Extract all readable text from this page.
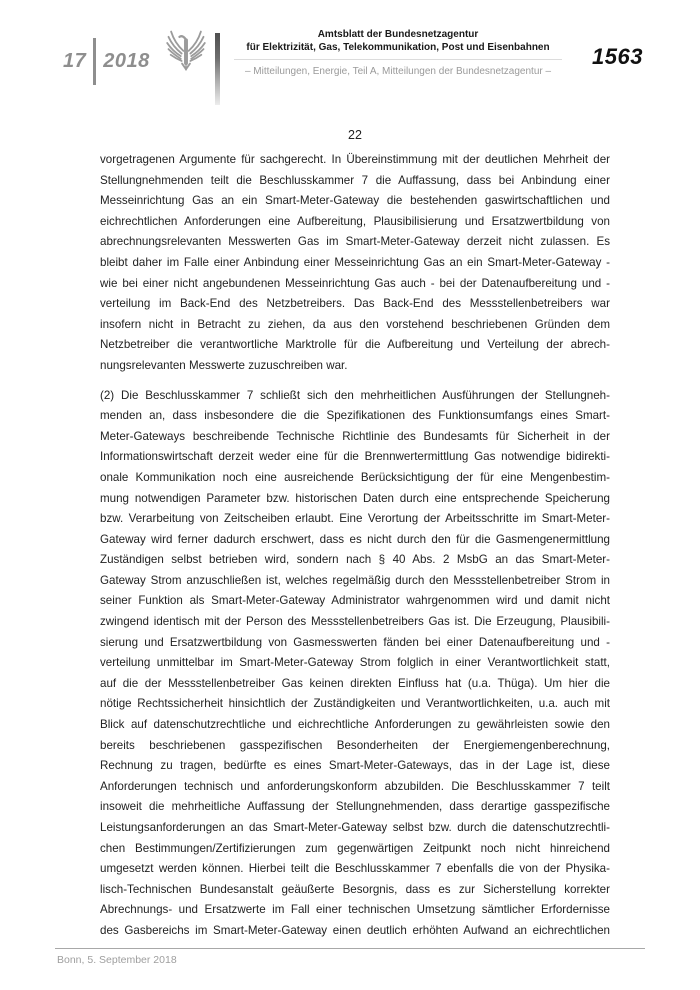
17 2018
Amtsblatt der Bundesnetzagentur
für Elektrizität, Gas, Telekommunikation, Post und Eisenbahnen
– Mitteilungen, Energie, Teil A, Mitteilungen der Bundesnetzagentur –
1563
22
vorgetragenen Argumente für sachgerecht. In Übereinstimmung mit der deutlichen Mehrheit der
Stellungnehmenden teilt die Beschlusskammer 7 die Auffassung, dass bei Anbindung einer
Messeinrichtung Gas an ein Smart-Meter-Gateway die bestehenden gaswirtschaftlichen und
eichrechtlichen Anforderungen eine Aufbereitung, Plausibilisierung und Ersatzwertbildung von
abrechnungsrelevanten Messwerten Gas im Smart-Meter-Gateway derzeit nicht zulassen. Es
bleibt daher im Falle einer Anbindung einer Messeinrichtung Gas an ein Smart-Meter-Gateway -
wie bei einer nicht angebundenen Messeinrichtung Gas auch - bei der Datenaufbereitung und -
verteilung im Back-End des Netzbetreibers. Das Back-End des Messstellenbetreibers war
insofern nicht in Betracht zu ziehen, da aus den vorstehend beschriebenen Gründen dem
Netzbetreiber die verantwortliche Marktrolle für die Aufbereitung und Verteilung der abrech-
nungsrelevanten Messwerte zuzuschreiben war.
(2) Die Beschlusskammer 7 schließt sich den mehrheitlichen Ausführungen der Stellungneh-
menden an, dass insbesondere die die Spezifikationen des Funktionsumfangs eines Smart-
Meter-Gateways beschreibende Technische Richtlinie des Bundesamts für Sicherheit in der
Informationswirtschaft derzeit weder eine für die Brennwertermittlung Gas notwendige bidirekti-
onale Kommunikation noch eine ausreichende Berücksichtigung der für eine Mengenbestim-
mung notwendigen Parameter bzw. historischen Daten durch eine entsprechende Speicherung
bzw. Verarbeitung von Zeitscheiben erlaubt. Eine Verortung der Arbeitsschritte im Smart-Meter-
Gateway wird ferner dadurch erschwert, dass es nicht durch den für die Gasmengenermittlung
Zuständigen selbst betrieben wird, sondern nach § 40 Abs. 2 MsbG an das Smart-Meter-
Gateway Strom anzuschließen ist, welches regelmäßig durch den Messstellenbetreiber Strom in
seiner Funktion als Smart-Meter-Gateway Administrator wahrgenommen wird und damit nicht
zwingend identisch mit der Person des Messstellenbetreibers Gas ist. Die Erzeugung, Plausibili-
sierung und Ersatzwertbildung von Gasmesswerten fänden bei einer Datenaufbereitung und -
verteilung unmittelbar im Smart-Meter-Gateway Strom folglich in einer Verantwortlichkeit statt,
auf die der Messstellenbetreiber Gas keinen direkten Einfluss hat (u.a. Thüga). Um hier die
nötige Rechtssicherheit hinsichtlich der Zuständigkeiten und Verantwortlichkeiten, u.a. auch mit
Blick auf datenschutzrechtliche und eichrechtliche Anforderungen zu gewährleisten sowie den
bereits beschriebenen gasspezifischen Besonderheiten der Energiemengenberechnung,
Rechnung zu tragen, bedürfte es eines Smart-Meter-Gateways, das in der Lage ist, diese
Anforderungen technisch und anforderungskonform abzubilden. Die Beschlusskammer 7 teilt
insoweit die mehrheitliche Auffassung der Stellungnehmenden, dass derartige gasspezifische
Leistungsanforderungen an das Smart-Meter-Gateway selbst bzw. durch die datenschutzrechtli-
chen Bestimmungen/Zertifizierungen zum gegenwärtigen Zeitpunkt noch nicht hinreichend
umgesetzt werden können. Hierbei teilt die Beschlusskammer 7 ebenfalls die von der Physika-
lisch-Technischen Bundesanstalt geäußerte Besorgnis, dass es zur Sicherstellung korrekter
Abrechnungs- und Ersatzwerte im Fall einer technischen Umsetzung sämtlicher Erfordernisse
des Gasbereichs im Smart-Meter-Gateway einen deutlich erhöhten Aufwand an eichrechtlichen
Bonn, 5. September 2018
